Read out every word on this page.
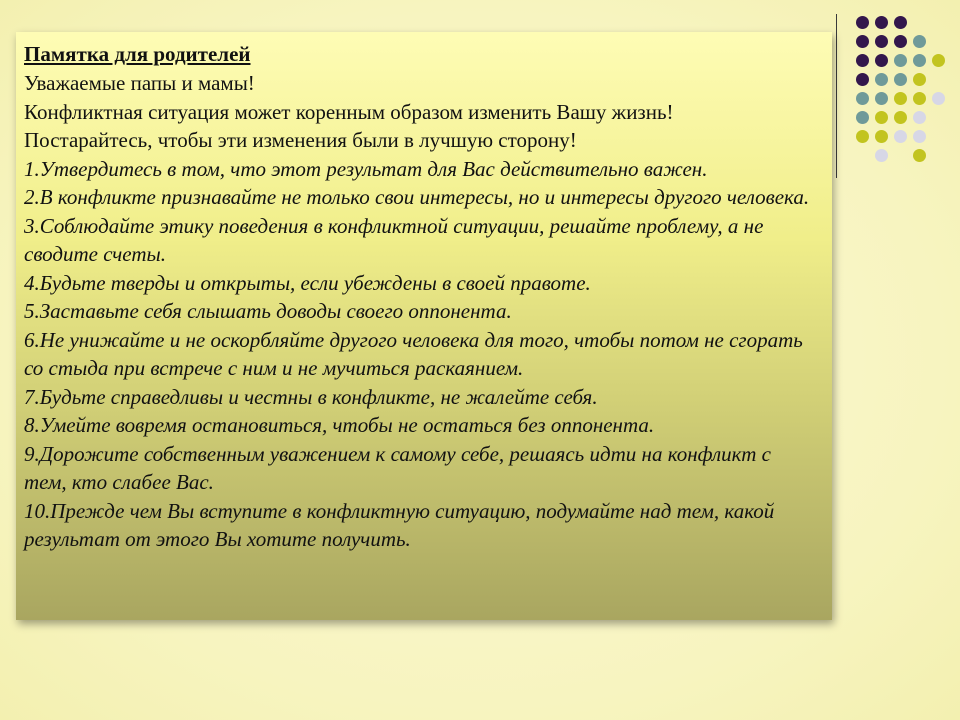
Памятка для родителей

Уважаемые папы и мамы!

Конфликтная ситуация может коренным образом изменить Вашу жизнь!

Постарайтесь, чтобы эти изменения были в лучшую сторону!

1.Утвердитесь в том, что этот результат для Вас действительно важен.

2.В конфликте признавайте не только свои интересы, но и интересы другого человека.

3.Соблюдайте этику поведения в конфликтной ситуации, решайте проблему, а не сводите счеты.

4.Будьте тверды и открыты, если убеждены в своей правоте.

5.Заставьте себя слышать доводы своего оппонента.

6.Не унижайте и не оскорбляйте другого человека для того, чтобы потом не сгорать со стыда при встрече с ним и не мучиться раскаянием.

7.Будьте справедливы и честны в конфликте, не жалейте себя.

8.Умейте вовремя остановиться, чтобы не остаться без оппонента.

9.Дорожите собственным уважением к самому себе, решаясь идти на конфликт с тем, кто слабее Вас.

10.Прежде чем Вы вступите в конфликтную ситуацию, подумайте над тем, какой результат от этого Вы хотите получить.
